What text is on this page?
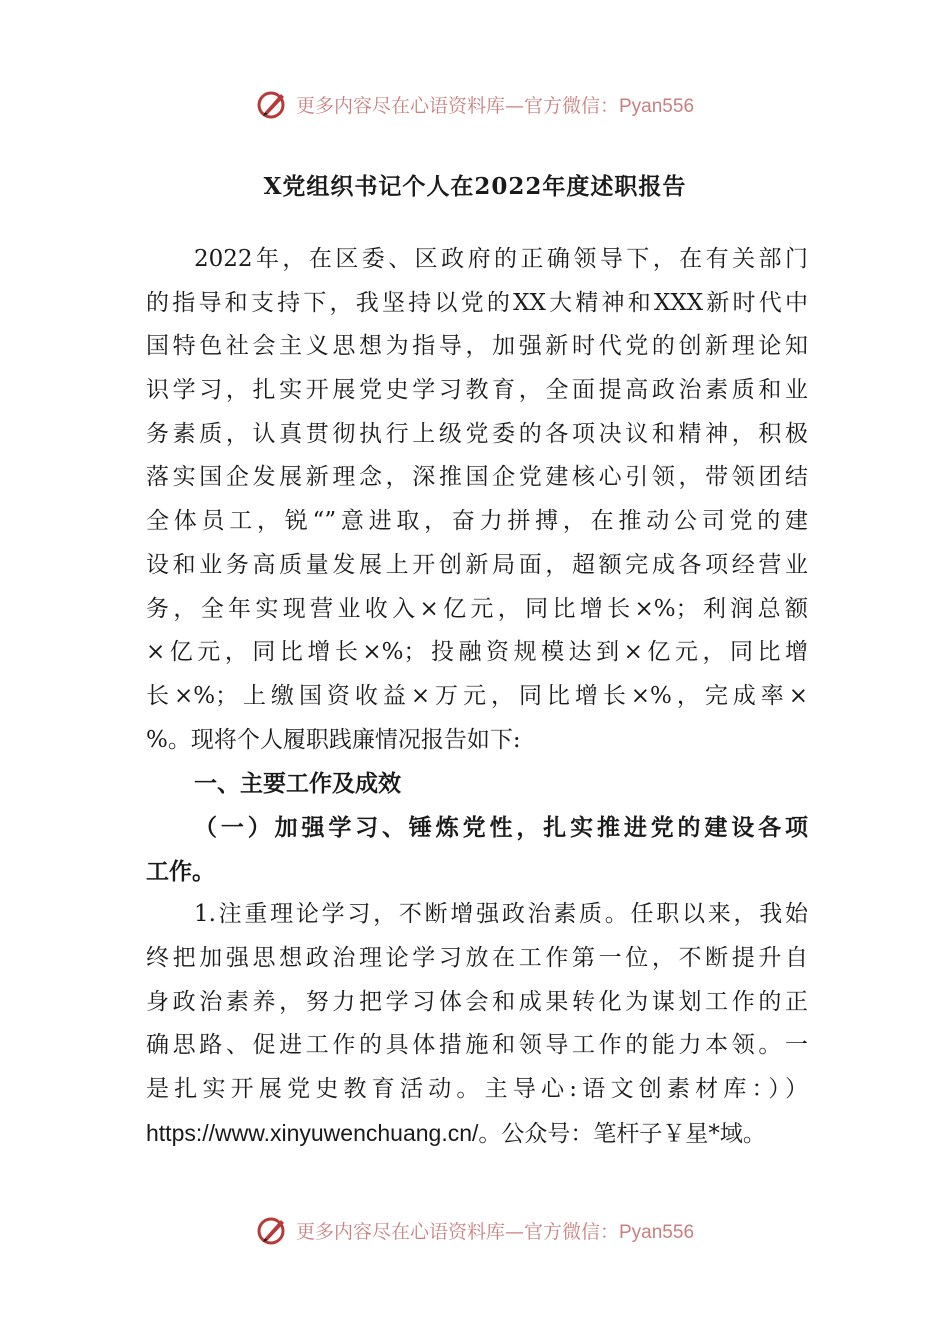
更多内容尽在心语资料库—官方微信：Pyan556
X党组织书记个人在2022年度述职报告
2022年，在区委、区政府的正确领导下，在有关部门
的指导和支持下，我坚持以党的XX大精神和XXX新时代中
国特色社会主义思想为指导，加强新时代党的创新理论知
识学习，扎实开展党史学习教育，全面提高政治素质和业
务素质，认真贯彻执行上级党委的各项决议和精神，积极
落实国企发展新理念，深推国企党建核心引领，带领团结
全体员工，锐“”意进取，奋力拼搏，在推动公司党的建
设和业务高质量发展上开创新局面，超额完成各项经营业
务，全年实现营业收入×亿元，同比增长×%；利润总额
×亿元，同比增长×%；投融资规模达到×亿元，同比增
长×%；上缴国资收益×万元，同比增长×%，完成率×
%。现将个人履职践廉情况报告如下:
一、主要工作及成效
（一）加强学习、锤炼党性，扎实推进党的建设各项
工作。
1.注重理论学习，不断增强政治素质。任职以来，我始
终把加强思想政治理论学习放在工作第一位，不断提升自
身政治素养，努力把学习体会和成果转化为谋划工作的正
确思路、促进工作的具体措施和领导工作的能力本领。一
是扎实开展党史教育活动。主导心:语文创素材库：））
https://www.xinyuwenchuang.cn/。公众号：笔杆子￥星*域。
更多内容尽在心语资料库—官方微信：Pyan556
